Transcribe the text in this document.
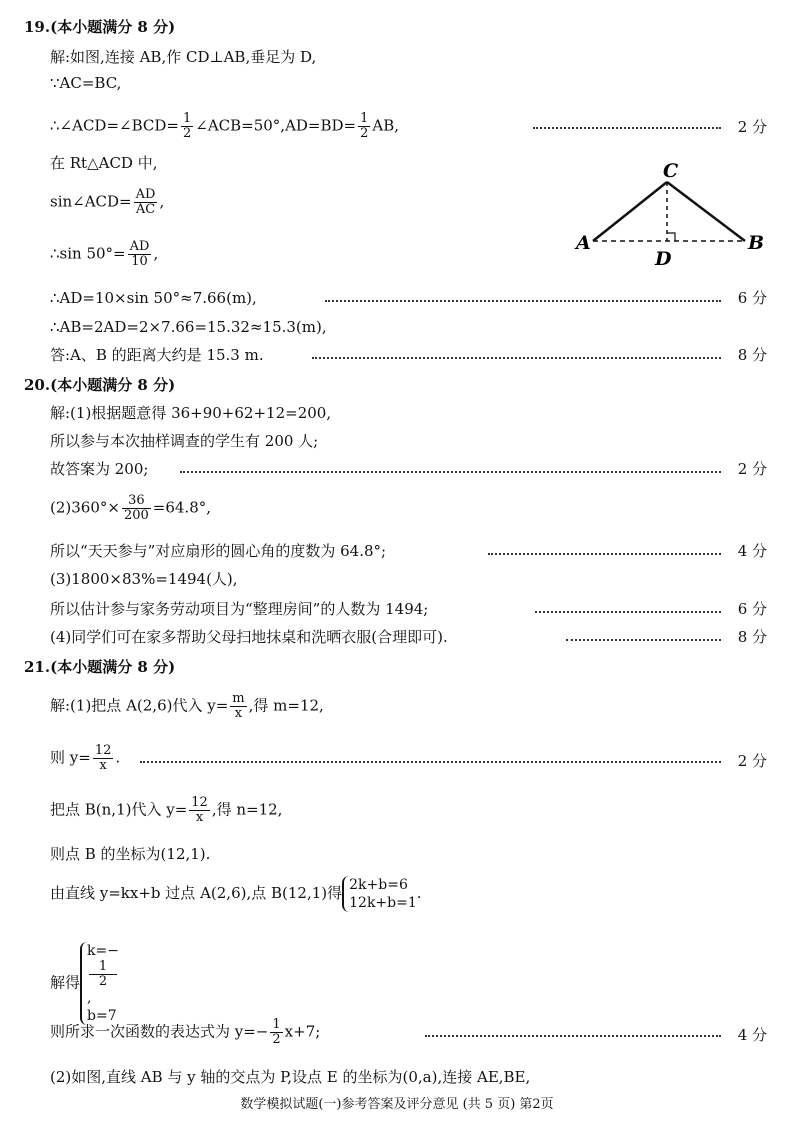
19.(本小题满分 8 分)
解:如图,连接 AB,作 CD⊥AB,垂足为 D,
∵AC=BC,
∴∠ACD=∠BCD= $\frac{1}{2}$ ∠ACB=50°,AD=BD= $\frac{1}{2}$ AB,	2 分
在 Rt△ACD 中,
sin∠ACD= $\frac{AD}{AC}$ ,
∴sin $50^\circ= \frac{AD}{10}$ ,	A
C
B
D
∴AD=10×sin 50°≈7.66(m),	6 分
∴AB=2AD=2×7.66=15.32≈15.3(m),
答:A、B 的距离大约是 15.3 m.	8 分
20.(本小题满分 8 分)
解:(1)根据题意得 36+90+62+12=200,
所以参与本次抽样调查的学生有 200 人;
故答案为 200;	2 分
$(2)360^\circ\times \frac{36}{200} =64.8^\circ$,
所以“天天参与”对应扇形的圆心角的度数为 64.8°;	4 分
(3)1800×83%=1494(人),
所以估计参与家务劳动项目为“整理房间”的人数为 1494;	6 分
(4)同学们可在家多帮助父母扫地抹桌和洗晒衣服(合理即可).	8 分
21.(本小题满分 8 分)
解:(1)把点 A(2,6)代入 $y= \frac{m}{x}$ ,得 m=12,
则 $y= \frac{12}{x}$ .	2 分
把点 B(n,1)代入 $y= \frac{12}{x}$ ,得 n=12,
则点 B 的坐标为(12,1).
由直线 y=kx+b 过点 A(2,6),点 B(12,1)得 2k+b=6
12k+b=1
.
解得
k=−
1
2
,
b=7
则所求一次函数的表达式为 $y=- \frac{1}{2} x+7$;	4 分
(2)如图,直线 AB 与 y 轴的交点为 P,设点 E 的坐标为(0,a),连接 AE,BE,
数学模拟试题(一)参考答案及评分意见 (共 5 页) 第2页
